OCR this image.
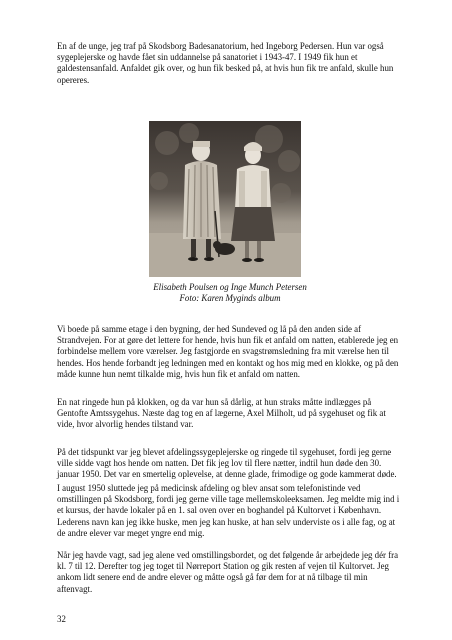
En af de unge, jeg traf på Skodsborg Badesanatorium, hed Ingeborg Pedersen. Hun var også sygeplejerske og havde fået sin uddannelse på sanatoriet i 1943-47. I 1949 fik hun et galdestensanfald. Anfaldet gik over, og hun fik besked på, at hvis hun fik tre anfald, skulle hun opereres.

Elisabeth Poulsen og Inge Munch Petersen
Foto: Karen Myginds album

Vi boede på samme etage i den bygning, der hed Sundeved og lå på den anden side af Strandvejen. For at gøre det lettere for hende, hvis hun fik et anfald om natten, etablerede jeg en forbindelse mellem vore værelser. Jeg fastgjorde en svagstrømsledning fra mit værelse hen til hendes. Hos hende forbandt jeg ledningen med en kontakt og hos mig med en klokke, og på den måde kunne hun nemt tilkalde mig, hvis hun fik et anfald om natten.

En nat ringede hun på klokken, og da var hun så dårlig, at hun straks måtte indlægges på Gentofte Amtssygehus. Næste dag tog en af lægerne, Axel Milholt, ud på sygehuset og fik at vide, hvor alvorlig hendes tilstand var.

På det tidspunkt var jeg blevet afdelingssygeplejerske og ringede til sygehuset, fordi jeg gerne ville sidde vagt hos hende om natten. Det fik jeg lov til flere nætter, indtil hun døde den 30. januar 1950. Det var en smertelig oplevelse, at denne glade, frimodige og gode kammerat døde.

I august 1950 sluttede jeg på medicinsk afdeling og blev ansat som telefonistinde ved omstillingen på Skodsborg, fordi jeg gerne ville tage mellemskoleeksamen. Jeg meldte mig ind i et kursus, der havde lokaler på en 1. sal oven over en boghandel på Kultorvet i København. Lederens navn kan jeg ikke huske, men jeg kan huske, at han selv underviste os i alle fag, og at de andre elever var meget yngre end mig.

Når jeg havde vagt, sad jeg alene ved omstillingsbordet, og det følgende år arbejdede jeg dér fra kl. 7 til 12. Derefter tog jeg toget til Nørreport Station og gik resten af vejen til Kultorvet. Jeg ankom lidt senere end de andre elever og måtte også gå før dem for at nå tilbage til min aftenvagt.

32
